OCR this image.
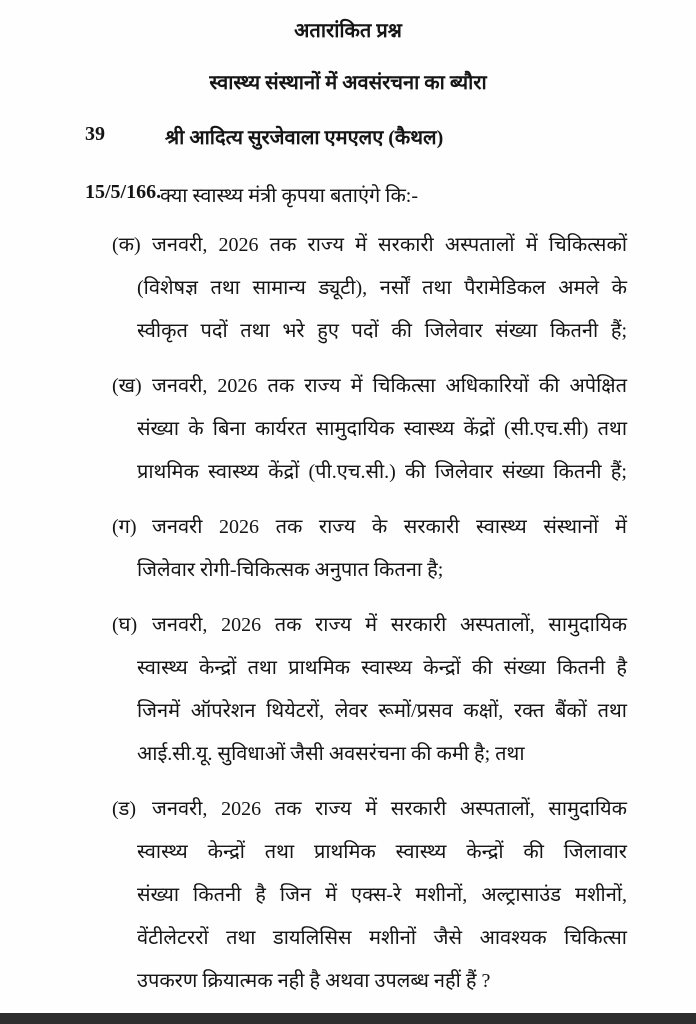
अतारांकित प्रश्न
स्वास्थ्य संस्थानों में अवसंरचना का ब्यौरा
39	श्री आदित्य सुरजेवाला एमएलए (कैथल)
15/5/166.क्या स्वास्थ्य मंत्री कृपया बताएंगे कि:-
(क) जनवरी, 2026 तक राज्य में सरकारी अस्पतालों में चिकित्सकों
(विशेषज्ञ तथा सामान्य ड्यूटी), नर्सों तथा पैरामेडिकल अमले के
स्वीकृत पदों तथा भरे हुए पदों की जिलेवार संख्या कितनी हैं;
(ख) जनवरी, 2026 तक राज्य में चिकित्सा अधिकारियों की अपेक्षित
संख्या के बिना कार्यरत सामुदायिक स्वास्थ्य केंद्रों (सी.एच.सी) तथा
प्राथमिक स्वास्थ्य केंद्रों (पी.एच.सी.) की जिलेवार संख्या कितनी हैं;
(ग) जनवरी 2026 तक राज्य के सरकारी स्वास्थ्य संस्थानों में
जिलेवार रोगी-चिकित्सक अनुपात कितना है;
(घ) जनवरी, 2026 तक राज्य में सरकारी अस्पतालों, सामुदायिक
स्वास्थ्य केन्द्रों तथा प्राथमिक स्वास्थ्य केन्द्रों की संख्या कितनी है
जिनमें ऑपरेशन थियेटरों, लेवर रूमों/प्रसव कक्षों, रक्त बैंकों तथा
आई.सी.यू. सुविधाओं जैसी अवसरंचना की कमी है; तथा
(ड) जनवरी, 2026 तक राज्य में सरकारी अस्पतालों, सामुदायिक
स्वास्थ्य केन्द्रों तथा प्राथमिक स्वास्थ्य केन्द्रों की जिलावार
संख्या कितनी है जिन में एक्स-रे मशीनों, अल्ट्रासाउंड मशीनों,
वेंटीलेटररों तथा डायलिसिस मशीनों जैसे आवश्यक चिकित्सा
उपकरण क्रियात्मक नही है अथवा उपलब्ध नहीं हैं ?
